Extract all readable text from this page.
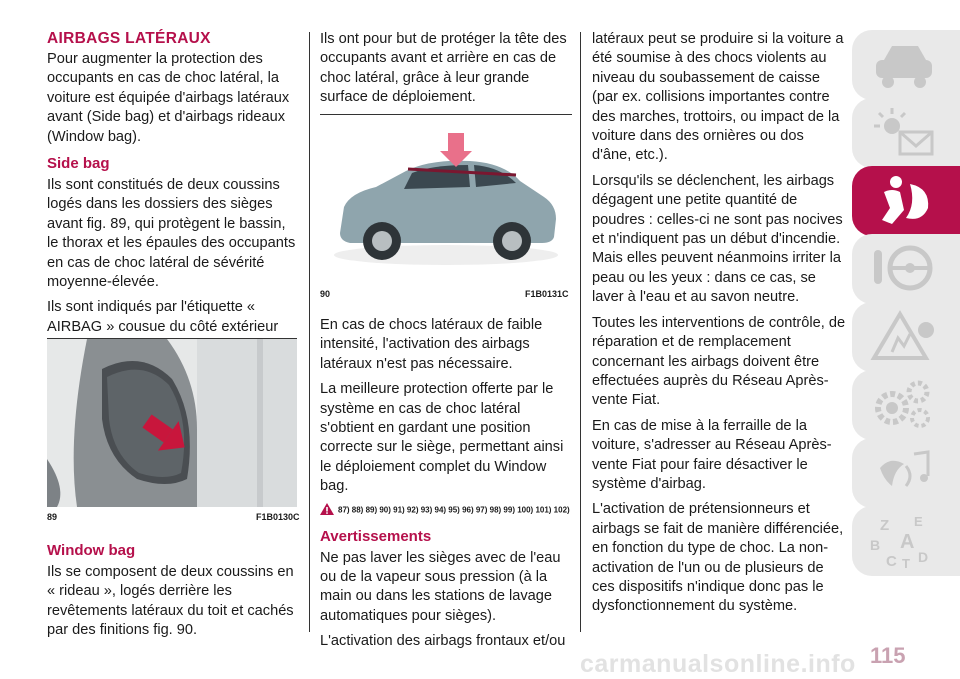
AIRBAGS LATÉRAUX

Pour augmenter la protection des occupants en cas de choc latéral, la voiture est équipée d'airbags latéraux avant (Side bag) et d'airbags rideaux (Window bag).

Side bag

Ils sont constitués de deux coussins logés dans les dossiers des sièges avant fig. 89, qui protègent le bassin, le thorax et les épaules des occupants en cas de choc latéral de sévérité moyenne-élevée.

Ils sont indiqués par l'étiquette « AIRBAG » cousue du côté extérieur

89	F1B0130C
Window bag

Ils se composent de deux coussins en « rideau », logés derrière les revêtements latéraux du toit et cachés par des finitions fig. 90.

Ils ont pour but de protéger la tête des occupants avant et arrière en cas de choc latéral, grâce à leur grande surface de déploiement.

90	F1B0131C

En cas de chocs latéraux de faible intensité, l'activation des airbags latéraux n'est pas nécessaire.

La meilleure protection offerte par le système en cas de choc latéral s'obtient en gardant une position correcte sur le siège, permettant ainsi le déploiement complet du Window bag.

87) 88) 89) 90) 91) 92) 93) 94) 95) 96) 97) 98) 99) 100) 101) 102)
Avertissements

Ne pas laver les sièges avec de l'eau ou de la vapeur sous pression (à la main ou dans les stations de lavage automatiques pour sièges).

L'activation des airbags frontaux et/ou

latéraux peut se produire si la voiture a été soumise à des chocs violents au niveau du soubassement de caisse (par ex. collisions importantes contre des marches, trottoirs, ou impact de la voiture dans des ornières ou dos d'âne, etc.).

Lorsqu'ils se déclenchent, les airbags dégagent une petite quantité de poudres : celles-ci ne sont pas nocives et n'indiquent pas un début d'incendie. Mais elles peuvent néanmoins irriter la peau ou les yeux : dans ce cas, se laver à l'eau et au savon neutre.

Toutes les interventions de contrôle, de réparation et de remplacement concernant les airbags doivent être effectuées auprès du Réseau Après-vente Fiat.

En cas de mise à la ferraille de la voiture, s'adresser au Réseau Après-vente Fiat pour faire désactiver le système d'airbag.

L'activation de prétensionneurs et airbags se fait de manière différenciée, en fonction du type de choc. La non-activation de l'un ou de plusieurs de ces dispositifs n'indique donc pas le dysfonctionnement du système.

Z E
B A
C T D
carmanualsonline.info 115
